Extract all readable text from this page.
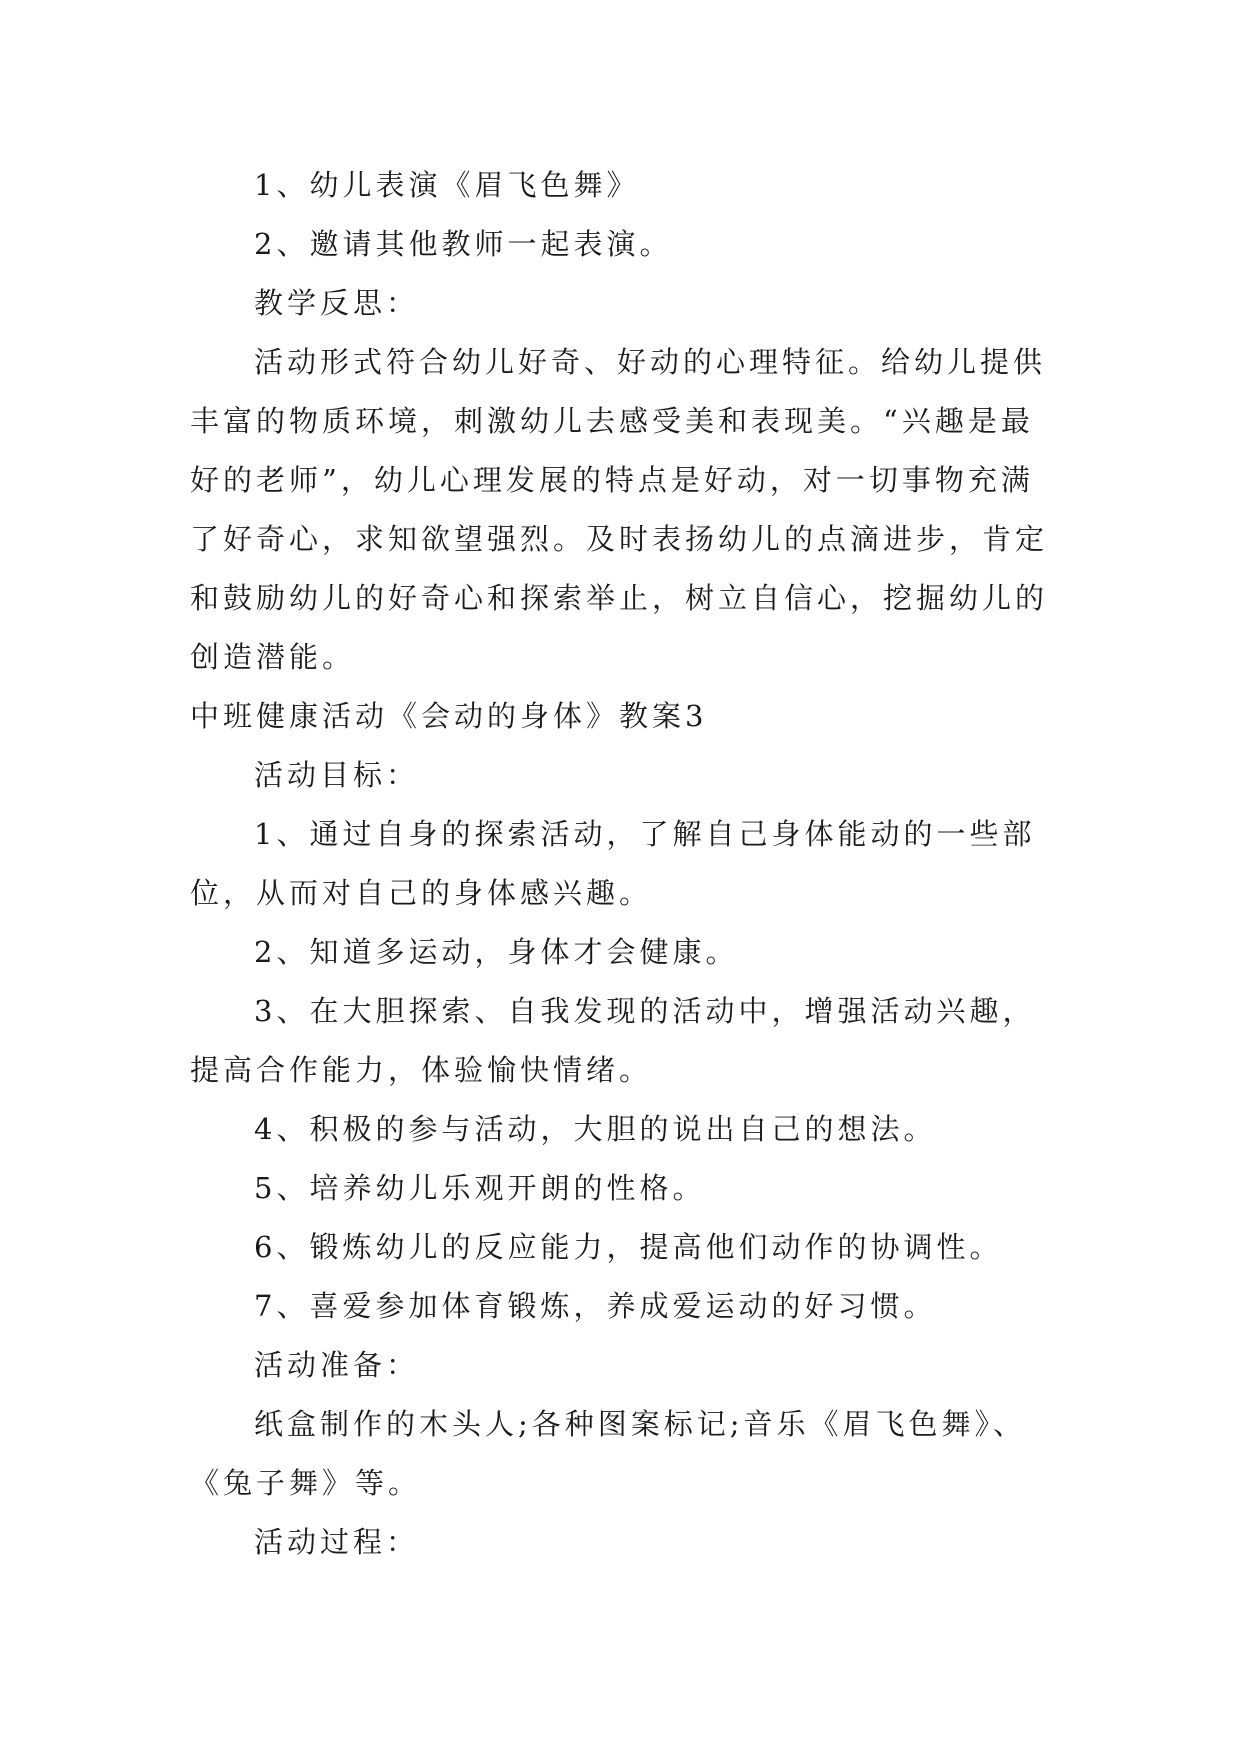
1、幼儿表演《眉飞色舞》

2、邀请其他教师一起表演。

教学反思：

活动形式符合幼儿好奇、好动的心理特征。给幼儿提供丰富的物质环境，刺激幼儿去感受美和表现美。“兴趣是最好的老师”，幼儿心理发展的特点是好动，对一切事物充满了好奇心，求知欲望强烈。及时表扬幼儿的点滴进步，肯定和鼓励幼儿的好奇心和探索举止，树立自信心，挖掘幼儿的创造潜能。

中班健康活动《会动的身体》教案3

活动目标：

1、通过自身的探索活动，了解自己身体能动的一些部位，从而对自己的身体感兴趣。

2、知道多运动，身体才会健康。

3、在大胆探索、自我发现的活动中，增强活动兴趣，提高合作能力，体验愉快情绪。

4、积极的参与活动，大胆的说出自己的想法。

5、培养幼儿乐观开朗的性格。

6、锻炼幼儿的反应能力，提高他们动作的协调性。

7、喜爱参加体育锻炼，养成爱运动的好习惯。

活动准备：

纸盒制作的木头人;各种图案标记;音乐《眉飞色舞》、《兔子舞》等。

活动过程：
